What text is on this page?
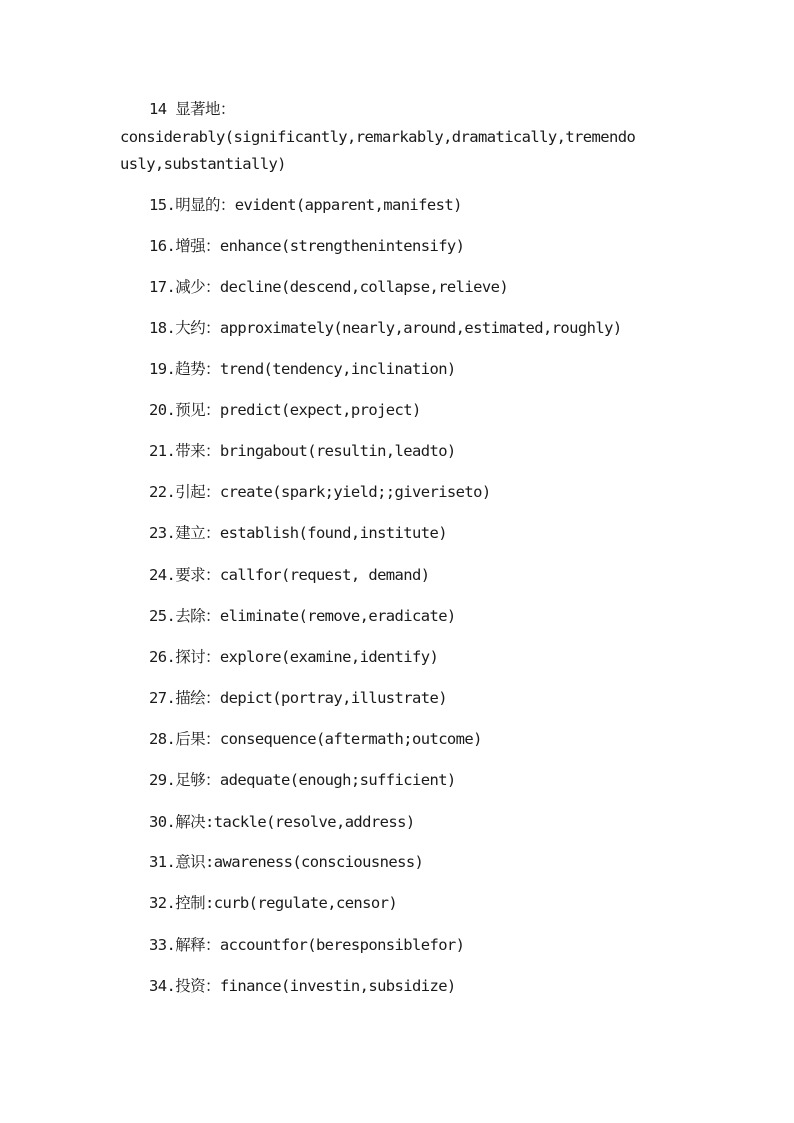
14 显著地：
considerably(significantly,remarkably,dramatically,tremendo
usly,substantially)
15.明显的：evident(apparent,manifest)
16.增强：enhance(strengthenintensify)
17.减少：decline(descend,collapse,relieve)
18.大约：approximately(nearly,around,estimated,roughly)
19.趋势：trend(tendency,inclination)
20.预见：predict(expect,project)
21.带来：bringabout(resultin,leadto)
22.引起：create(spark;yield;;giveriseto)
23.建立：establish(found,institute)
24.要求：callfor(request, demand)
25.去除：eliminate(remove,eradicate)
26.探讨：explore(examine,identify)
27.描绘：depict(portray,illustrate)
28.后果：consequence(aftermath;outcome)
29.足够：adequate(enough;sufficient)
30.解决:tackle(resolve,address)
31.意识:awareness(consciousness)
32.控制:curb(regulate,censor)
33.解释：accountfor(beresponsiblefor)
34.投资：finance(investin,subsidize)
